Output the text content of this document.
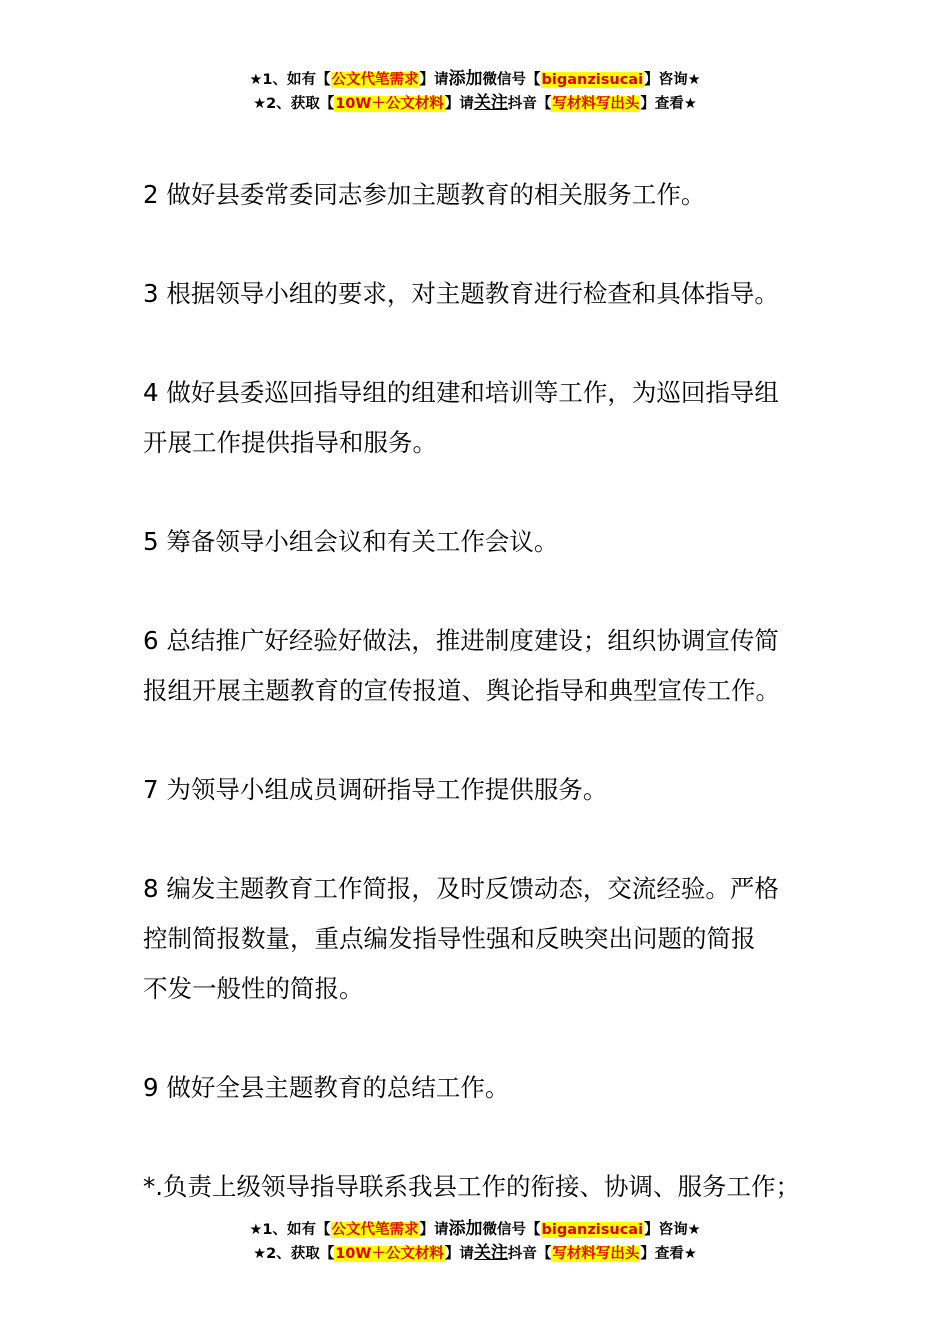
★1、如有【公文代笔需求】请添加微信号【biganzisucai】咨询★
★2、获取【10W＋公文材料】请关注抖音【写材料写出头】查看★
2 做好县委常委同志参加主题教育的相关服务工作。
3 根据领导小组的要求，对主题教育进行检查和具体指导。
4 做好县委巡回指导组的组建和培训等工作，为巡回指导组
开展工作提供指导和服务。
5 筹备领导小组会议和有关工作会议。
6 总结推广好经验好做法，推进制度建设；组织协调宣传简
报组开展主题教育的宣传报道、舆论指导和典型宣传工作。
7 为领导小组成员调研指导工作提供服务。
8 编发主题教育工作简报，及时反馈动态，交流经验。严格
控制简报数量，重点编发指导性强和反映突出问题的简报
不发一般性的简报。
9 做好全县主题教育的总结工作。
*.负责上级领导指导联系我县工作的衔接、协调、服务工作；
★1、如有【公文代笔需求】请添加微信号【biganzisucai】咨询★
★2、获取【10W＋公文材料】请关注抖音【写材料写出头】查看★
